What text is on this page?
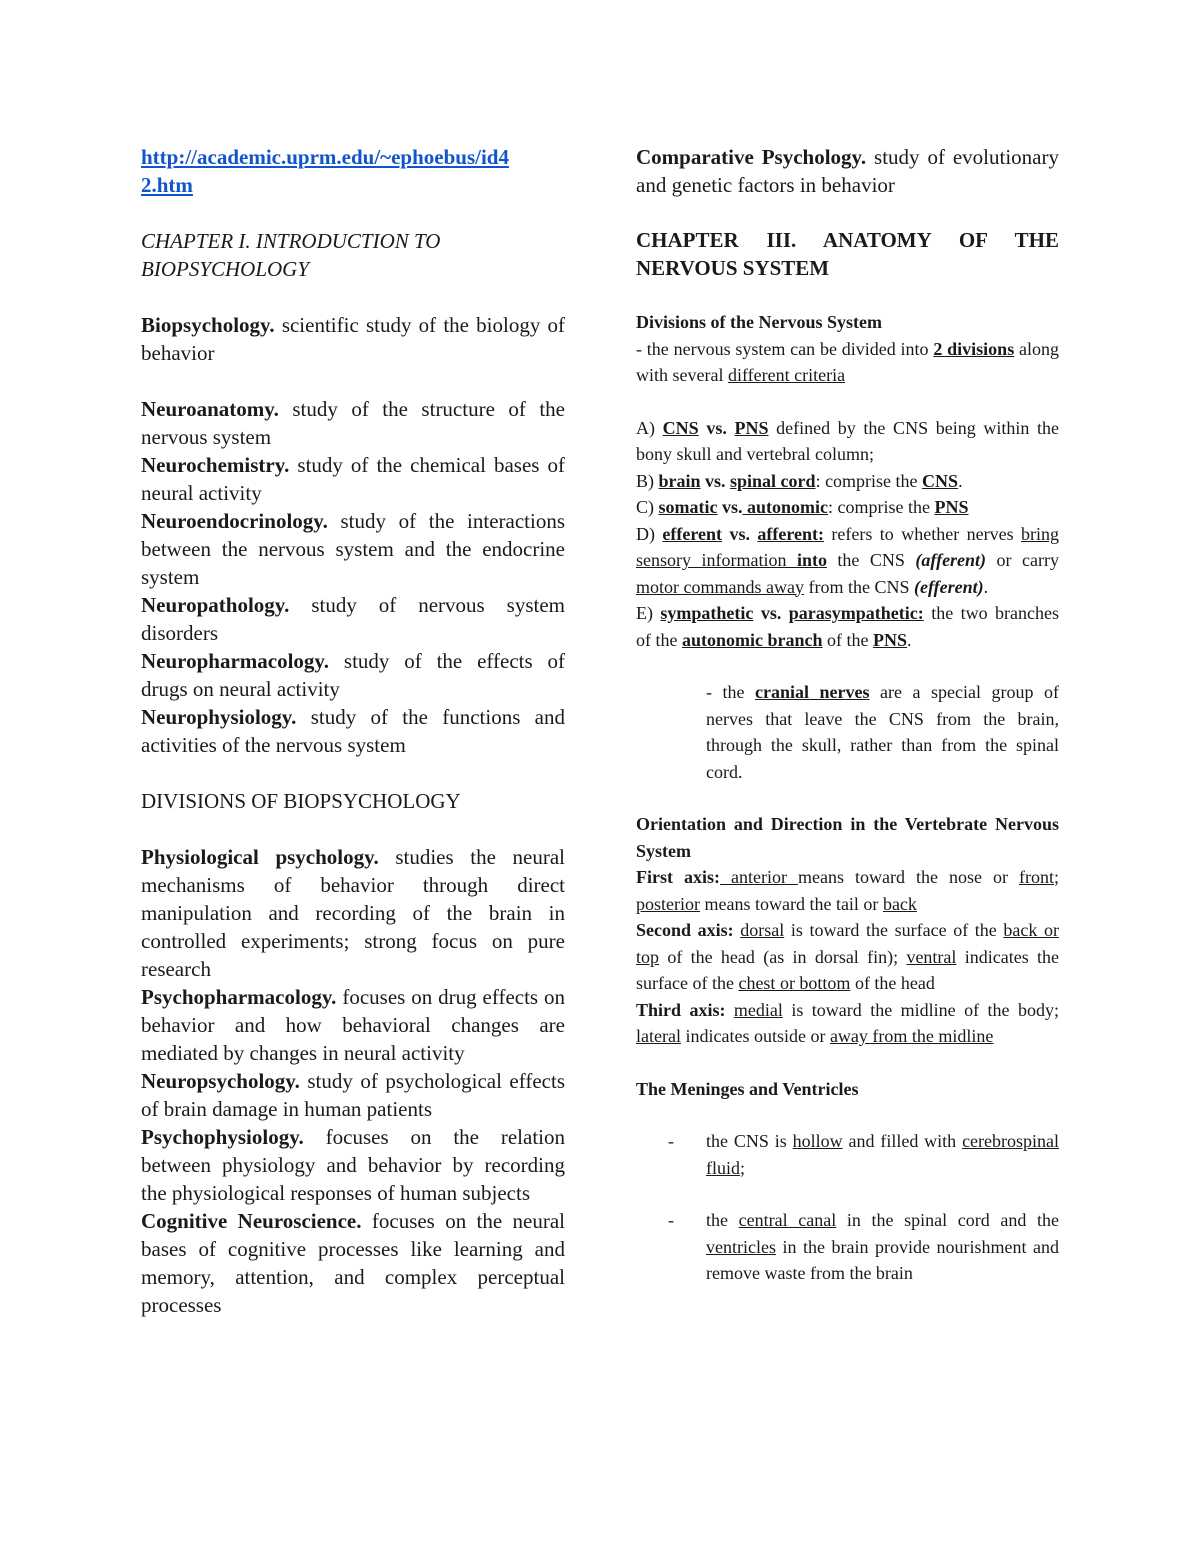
http://academic.uprm.edu/~ephoebus/id4
2.htm

CHAPTER I. INTRODUCTION TO
BIOPSYCHOLOGY

Biopsychology. scientific study of the biology of behavior

Neuroanatomy. study of the structure of the nervous system

Neurochemistry. study of the chemical bases of neural activity

Neuroendocrinology. study of the interactions between the nervous system and the endocrine system

Neuropathology. study of nervous system disorders

Neuropharmacology. study of the effects of drugs on neural activity

Neurophysiology. study of the functions and activities of the nervous system

DIVISIONS OF BIOPSYCHOLOGY

Physiological psychology. studies the neural mechanisms of behavior through direct manipulation and recording of the brain in controlled experiments; strong focus on pure research

Psychopharmacology. focuses on drug effects on behavior and how behavioral changes are mediated by changes in neural activity

Neuropsychology. study of psychological effects of brain damage in human patients

Psychophysiology. focuses on the relation between physiology and behavior by recording the physiological responses of human subjects

Cognitive Neuroscience. focuses on the neural bases of cognitive processes like learning and memory, attention, and complex perceptual processes

Comparative Psychology. study of evolutionary and genetic factors in behavior

CHAPTER III. ANATOMY OF THE NERVOUS SYSTEM

Divisions of the Nervous System

- the nervous system can be divided into 2 divisions along with several different criteria

A) CNS vs. PNS defined by the CNS being within the bony skull and vertebral column;

B) brain vs. spinal cord: comprise the CNS.

C) somatic vs. autonomic: comprise the PNS

D) efferent vs. afferent: refers to whether nerves bring sensory information into the CNS (afferent) or carry motor commands away from the CNS (efferent).

E) sympathetic vs. parasympathetic: the two branches of the autonomic branch of the PNS.

- the cranial nerves are a special group of nerves that leave the CNS from the brain, through the skull, rather than from the spinal cord.

Orientation and Direction in the Vertebrate Nervous System

First axis: anterior means toward the nose or front; posterior means toward the tail or back

Second axis: dorsal is toward the surface of the back or top of the head (as in dorsal fin); ventral indicates the surface of the chest or bottom of the head

Third axis: medial is toward the midline of the body; lateral indicates outside or away from the midline

The Meninges and Ventricles

- the CNS is hollow and filled with cerebrospinal fluid;

- the central canal in the spinal cord and the ventricles in the brain provide nourishment and remove waste from the brain
